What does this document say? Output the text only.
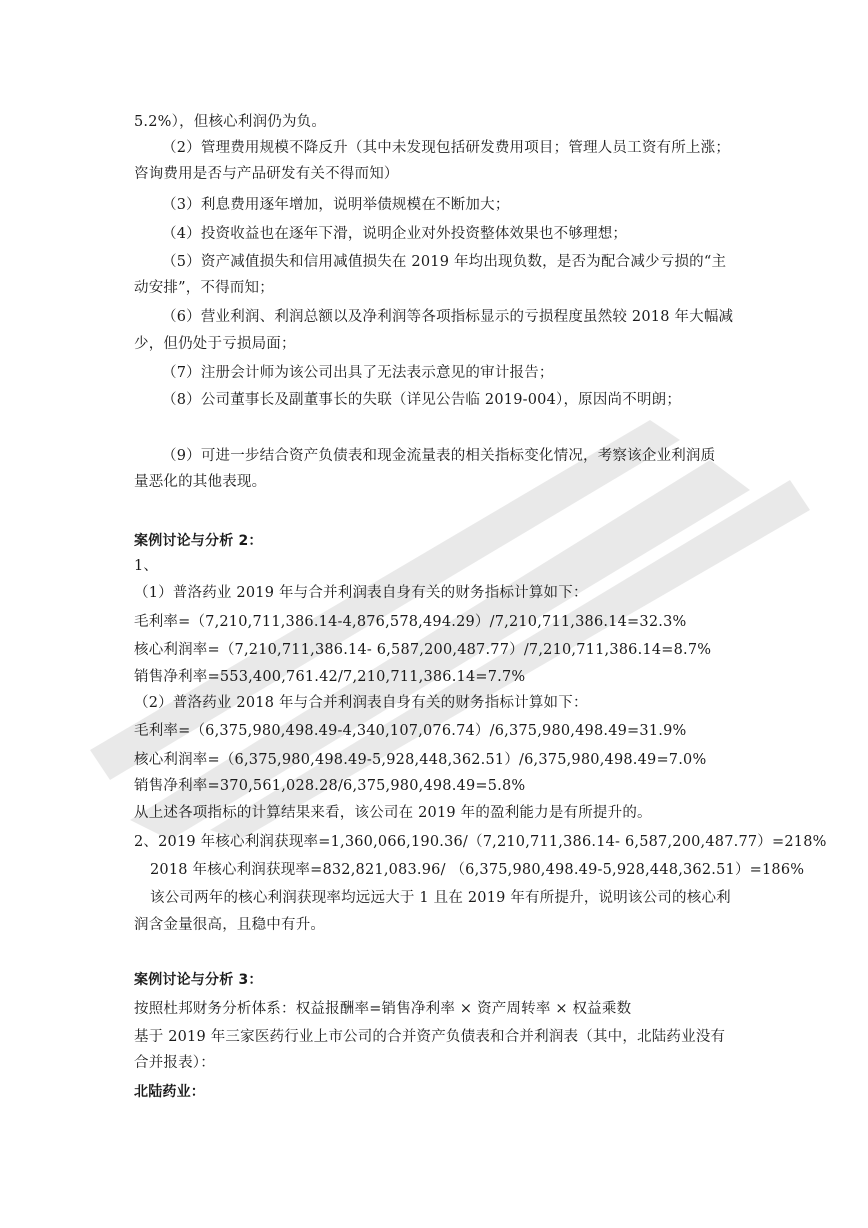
5.2%），但核心利润仍为负。
（2）管理费用规模不降反升（其中未发现包括研发费用项目；管理人员工资有所上涨；
咨询费用是否与产品研发有关不得而知）
（3）利息费用逐年增加，说明举债规模在不断加大；
（4）投资收益也在逐年下滑，说明企业对外投资整体效果也不够理想；
（5）资产减值损失和信用减值损失在 2019 年均出现负数，是否为配合减少亏损的“主
动安排”，不得而知；
（6）营业利润、利润总额以及净利润等各项指标显示的亏损程度虽然较 2018 年大幅减
少，但仍处于亏损局面；
（7）注册会计师为该公司出具了无法表示意见的审计报告；
（8）公司董事长及副董事长的失联（详见公告临 2019-004），原因尚不明朗；
（9）可进一步结合资产负债表和现金流量表的相关指标变化情况，考察该企业利润质
量恶化的其他表现。
案例讨论与分析 2：
1、
（1）普洛药业 2019 年与合并利润表自身有关的财务指标计算如下：
毛利率=（7,210,711,386.14-4,876,578,494.29）/7,210,711,386.14=32.3%
核心利润率=（7,210,711,386.14- 6,587,200,487.77）/7,210,711,386.14=8.7%
销售净利率=553,400,761.42/7,210,711,386.14=7.7%
（2）普洛药业 2018 年与合并利润表自身有关的财务指标计算如下：
毛利率=（6,375,980,498.49-4,340,107,076.74）/6,375,980,498.49=31.9%
核心利润率=（6,375,980,498.49-5,928,448,362.51）/6,375,980,498.49=7.0%
销售净利率=370,561,028.28/6,375,980,498.49=5.8%
从上述各项指标的计算结果来看，该公司在 2019 年的盈利能力是有所提升的。
2、2019 年核心利润获现率=1,360,066,190.36/（7,210,711,386.14- 6,587,200,487.77）=218%
2018 年核心利润获现率=832,821,083.96/ （6,375,980,498.49-5,928,448,362.51）=186%
该公司两年的核心利润获现率均远远大于 1 且在 2019 年有所提升，说明该公司的核心利
润含金量很高，且稳中有升。
案例讨论与分析 3：
按照杜邦财务分析体系：权益报酬率=销售净利率 × 资产周转率 × 权益乘数
基于 2019 年三家医药行业上市公司的合并资产负债表和合并利润表（其中，北陆药业没有
合并报表）：
北陆药业：
